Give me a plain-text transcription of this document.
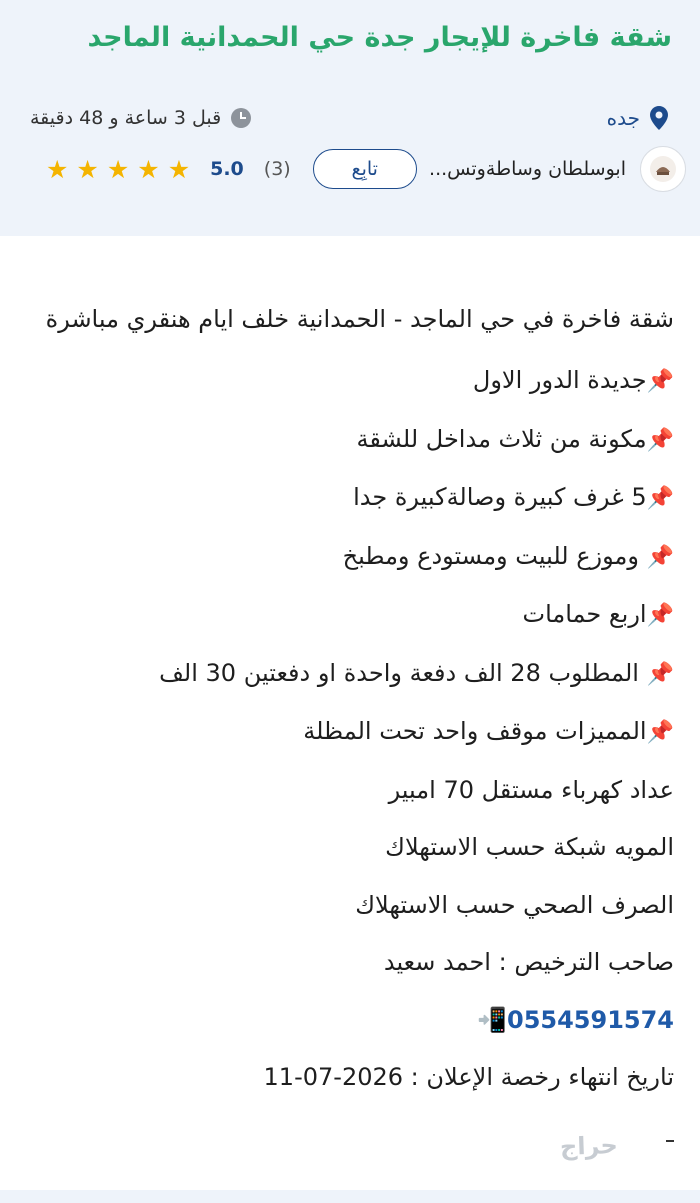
شقة فاخرة للإيجار جدة حي الحمدانية الماجد
قبل 3 ساعة و 48 دقيقة	جده
★ ★ ★ ★ ★ 5.0 (3)	تابِع	ابوسلطان وساطةوتس...

شقة فاخرة في حي الماجد - الحمدانية خلف ايام هنقري مباشرة

📌جديدة الدور الاول

📌مكونة من ثلاث مداخل للشقة

📌5 غرف كبيرة وصالةكبيرة جدا

📌 وموزع للبيت ومستودع ومطبخ

📌اربع حمامات

📌 المطلوب 28 الف دفعة واحدة او دفعتين 30 الف

📌المميزات موقف واحد تحت المظلة

عداد كهرباء مستقل 70 امبير

المويه شبكة حسب الاستهلاك

الصرف الصحي حسب الاستهلاك

صاحب الترخيص : احمد سعيد

0554591574📲

تاريخ انتهاء رخصة الإعلان : 2026-07-11

حراج
